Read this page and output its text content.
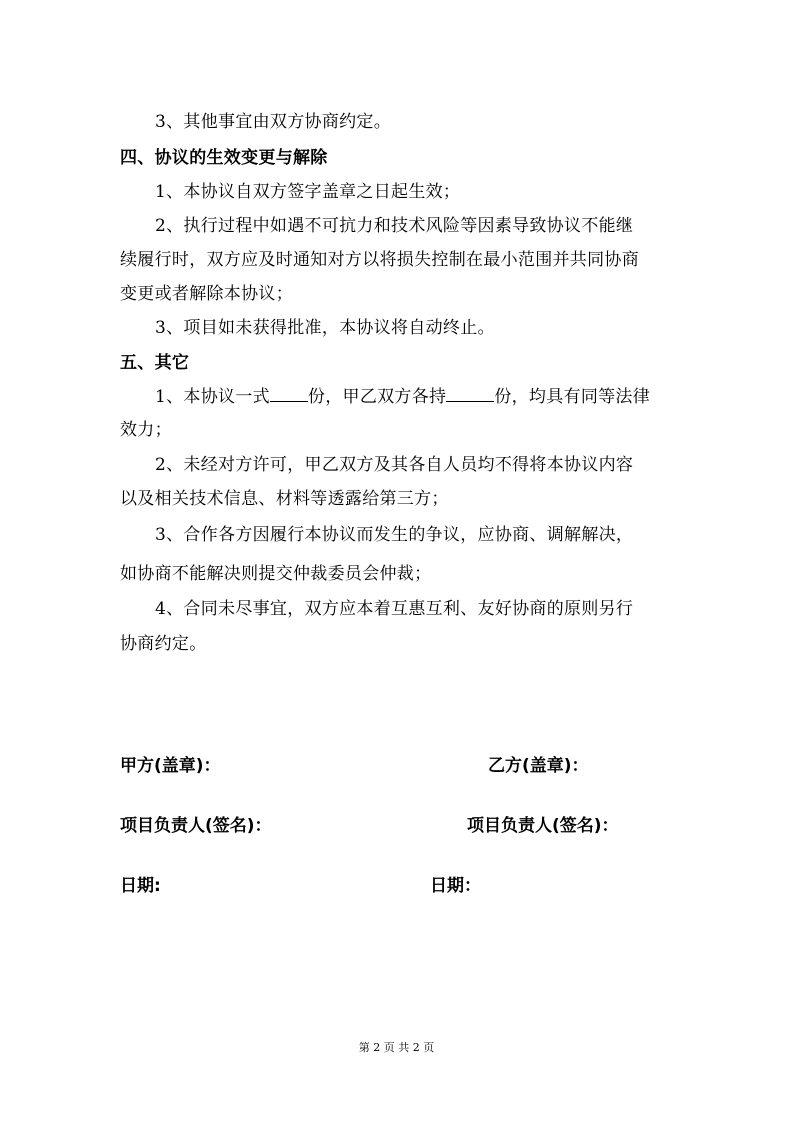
3、其他事宜由双方协商约定。
四、协议的生效变更与解除
1、本协议自双方签字盖章之日起生效；
2、执行过程中如遇不可抗力和技术风险等因素导致协议不能继
续履行时，双方应及时通知对方以将损失控制在最小范围并共同协商
变更或者解除本协议；
3、项目如未获得批准，本协议将自动终止。
五、其它
1、本协议一式 份，甲乙双方各持	份，均具有同等法律
效力；
2、未经对方许可，甲乙双方及其各自人员均不得将本协议内容
以及相关技术信息、材料等透露给第三方；
3、合作各方因履行本协议而发生的争议，应协商、调解解决，
如协商不能解决则提交仲裁委员会仲裁；
4、合同未尽事宜，双方应本着互惠互利、友好协商的原则另行
协商约定。
甲方(盖章)：	乙方(盖章)：
项目负责人(签名)：	项目负责人(签名)：
日期:	日期：
第 2 页 共 2 页
